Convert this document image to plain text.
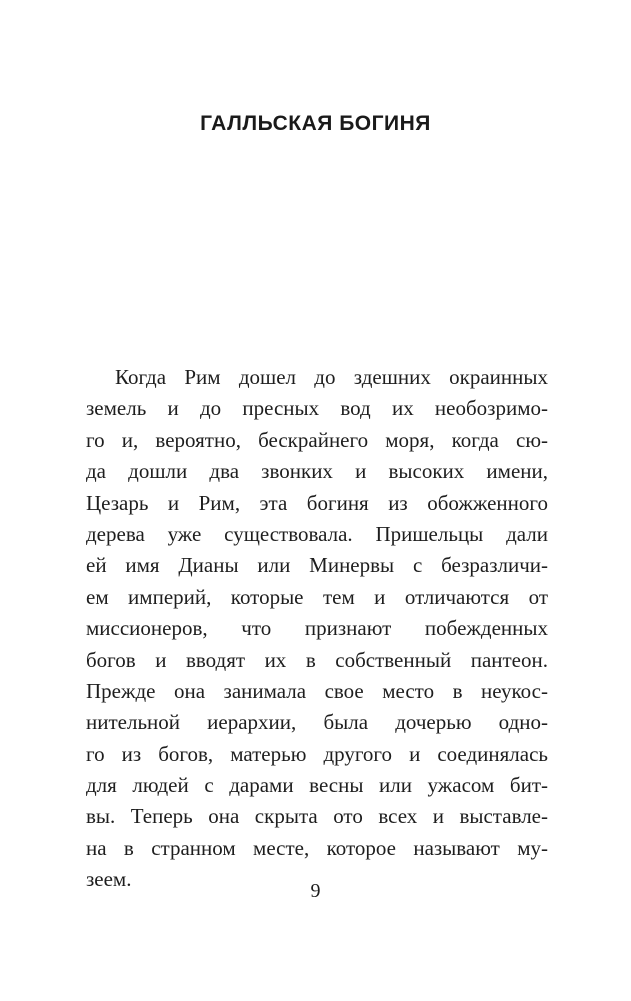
ГАЛЛЬСКАЯ БОГИНЯ
Когда Рим дошел до здешних окраинных
земель и до пресных вод их необозримо-
го и, вероятно, бескрайнего моря, когда сю-
да дошли два звонких и высоких имени,
Цезарь и Рим, эта богиня из обожженного
дерева уже существовала. Пришельцы дали
ей имя Дианы или Минервы с безразличи-
ем империй, которые тем и отличаются от
миссионеров, что признают побежденных
богов и вводят их в собственный пантеон.
Прежде она занимала свое место в неукос-
нительной иерархии, была дочерью одно-
го из богов, матерью другого и соединялась
для людей с дарами весны или ужасом бит-
вы. Теперь она скрыта ото всех и выставле-
на в странном месте, которое называют му-
зеем.	9
